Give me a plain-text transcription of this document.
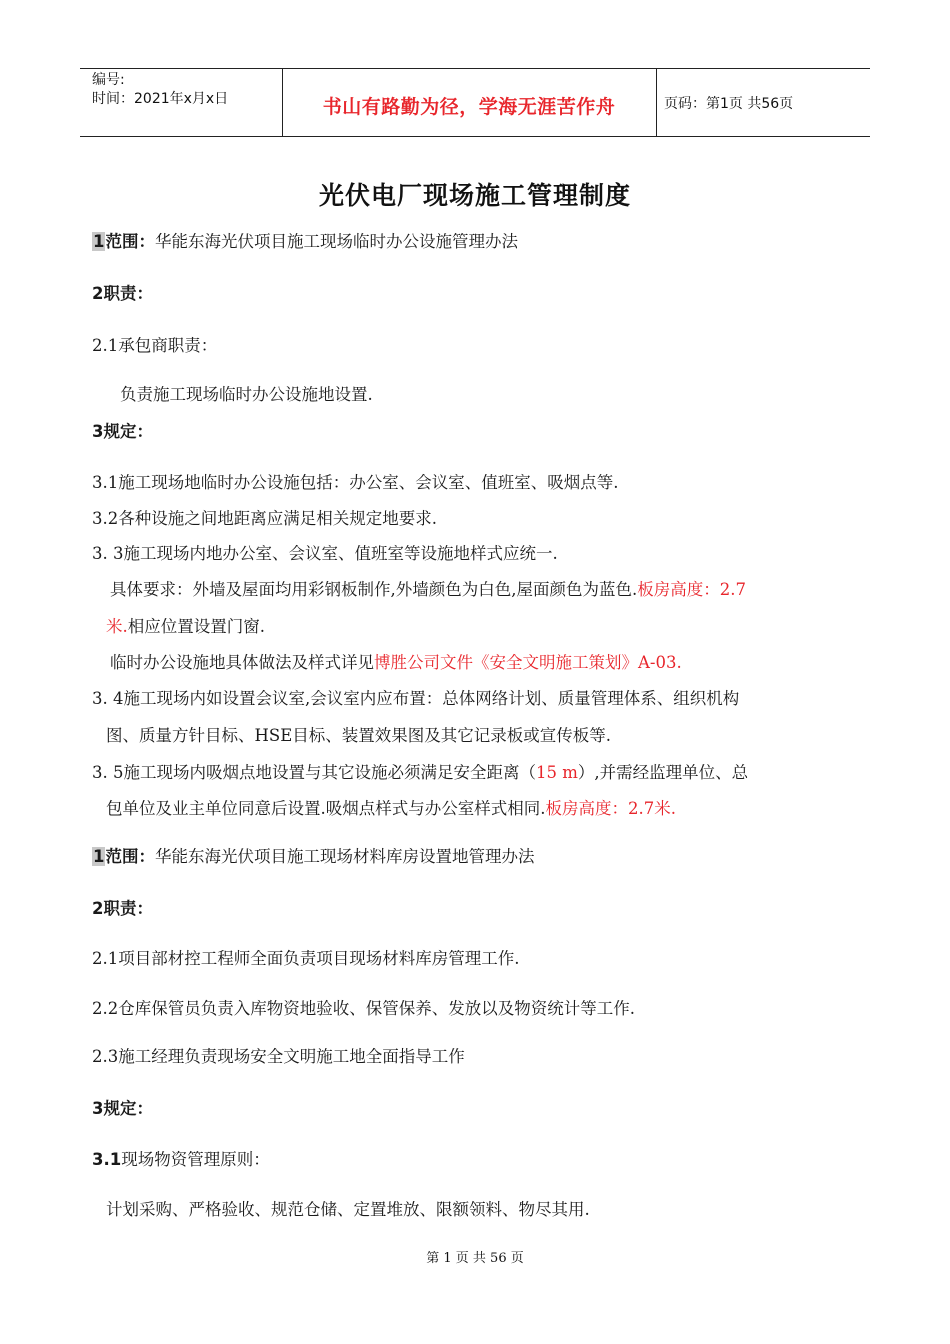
编号:
时间：2021年x月x日	书山有路勤为径，学海无涯苦作舟	页码：第1页 共56页
光伏电厂现场施工管理制度
1范围：华能东海光伏项目施工现场临时办公设施管理办法
2职责：
2.1承包商职责：
负责施工现场临时办公设施地设置.
3规定：
3.1施工现场地临时办公设施包括：办公室、会议室、值班室、吸烟点等.
3.2各种设施之间地距离应满足相关规定地要求.
3. 3施工现场内地办公室、会议室、值班室等设施地样式应统一.
具体要求：外墙及屋面均用彩钢板制作,外墙颜色为白色,屋面颜色为蓝色.板房高度：2.7
米.相应位置设置门窗.
临时办公设施地具体做法及样式详见博胜公司文件《安全文明施工策划》A-03.
3. 4施工现场内如设置会议室,会议室内应布置：总体网络计划、质量管理体系、组织机构
图、质量方针目标、HSE目标、装置效果图及其它记录板或宣传板等.
3. 5施工现场内吸烟点地设置与其它设施必须满足安全距离（15 m）,并需经监理单位、总
包单位及业主单位同意后设置.吸烟点样式与办公室样式相同.板房高度：2.7米.
1范围：华能东海光伏项目施工现场材料库房设置地管理办法
2职责：
2.1项目部材控工程师全面负责项目现场材料库房管理工作.
2.2仓库保管员负责入库物资地验收、保管保养、发放以及物资统计等工作.
2.3施工经理负责现场安全文明施工地全面指导工作
3规定：
3.1现场物资管理原则：
计划采购、严格验收、规范仓储、定置堆放、限额领料、物尽其用.
第 1 页 共 56 页
